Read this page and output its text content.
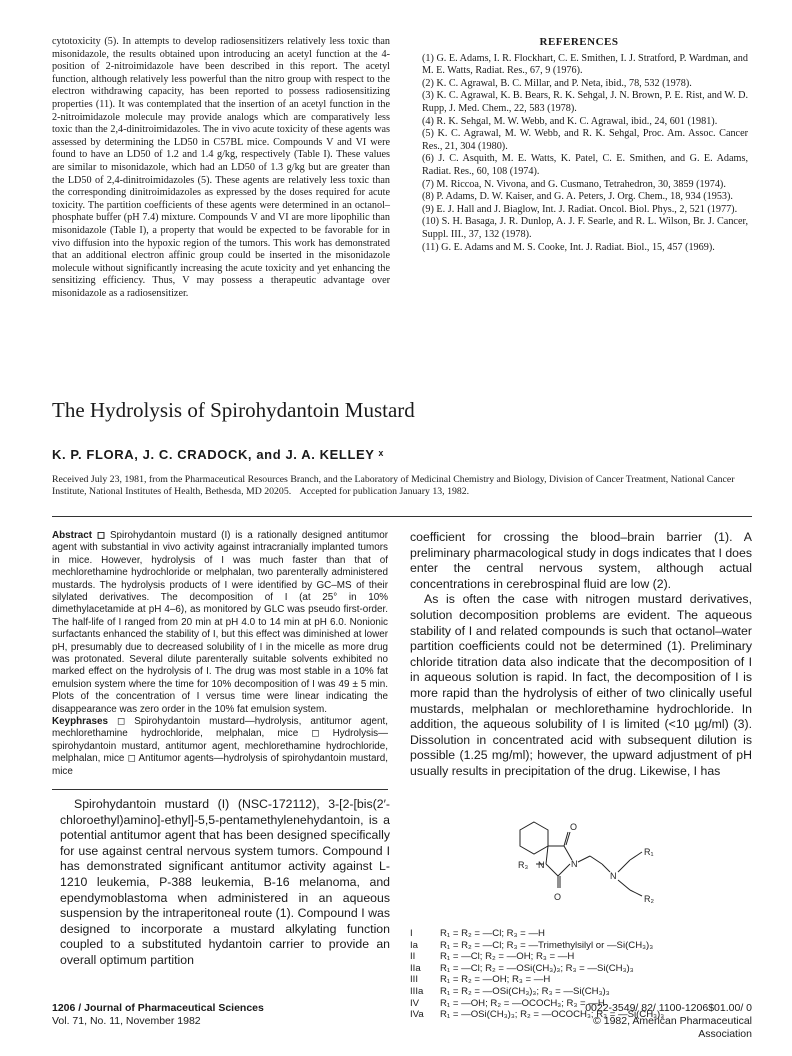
cytotoxicity (5). In attempts to develop radiosensitizers relatively less toxic than misonidazole, the results obtained upon introducing an acetyl function at the 4-position of 2-nitroimidazole have been described in this report. The acetyl function, although relatively less powerful than the nitro group with respect to the electron withdrawing capacity, has been reported to possess radiosensitizing properties (11). It was contemplated that the insertion of an acetyl function in the 2-nitroimidazole molecule may provide analogs which are comparatively less toxic than the 2,4-dinitroimidazoles. The in vivo acute toxicity of these agents was assessed by determining the LD50 in C57BL mice. Compounds V and VI were found to have an LD50 of 1.2 and 1.4 g/kg, respectively (Table I). These values are similar to misonidazole, which had an LD50 of 1.3 g/kg but are greater than the LD50 of 2,4-dinitroimidazoles (5). These agents are relatively less toxic than the corresponding dinitroimidazoles as expressed by the doses required for acute toxicity. The partition coefficients of these agents were determined in an octanol–phosphate buffer (pH 7.4) mixture. Compounds V and VI are more lipophilic than misonidazole (Table I), a property that would be expected to be favorable for in vivo diffusion into the hypoxic region of the tumors. This work has demonstrated that an additional electron affinic group could be inserted in the misonidazole molecule without significantly increasing the acute toxicity and yet enhancing the sensitizing efficiency. Thus, V may possess a therapeutic advantage over misonidazole as a radiosensitizer.
REFERENCES
(1) G. E. Adams, I. R. Flockhart, C. E. Smithen, I. J. Stratford, P. Wardman, and M. E. Watts, Radiat. Res., 67, 9 (1976).
(2) K. C. Agrawal, B. C. Millar, and P. Neta, ibid., 78, 532 (1978).
(3) K. C. Agrawal, K. B. Bears, R. K. Sehgal, J. N. Brown, P. E. Rist, and W. D. Rupp, J. Med. Chem., 22, 583 (1978).
(4) R. K. Sehgal, M. W. Webb, and K. C. Agrawal, ibid., 24, 601 (1981).
(5) K. C. Agrawal, M. W. Webb, and R. K. Sehgal, Proc. Am. Assoc. Cancer Res., 21, 304 (1980).
(6) J. C. Asquith, M. E. Watts, K. Patel, C. E. Smithen, and G. E. Adams, Radiat. Res., 60, 108 (1974).
(7) M. Riccoa, N. Vivona, and G. Cusmano, Tetrahedron, 30, 3859 (1974).
(8) P. Adams, D. W. Kaiser, and G. A. Peters, J. Org. Chem., 18, 934 (1953).
(9) E. J. Hall and J. Biaglow, Int. J. Radiat. Oncol. Biol. Phys., 2, 521 (1977).
(10) S. H. Basaga, J. R. Dunlop, A. J. F. Searle, and R. L. Wilson, Br. J. Cancer, Suppl. III., 37, 132 (1978).
(11) G. E. Adams and M. S. Cooke, Int. J. Radiat. Biol., 15, 457 (1969).
The Hydrolysis of Spirohydantoin Mustard
K. P. FLORA, J. C. CRADOCK, and J. A. KELLEY ˣ
Received July 23, 1981, from the Pharmaceutical Resources Branch, and the Laboratory of Medicinal Chemistry and Biology, Division of Cancer Treatment, National Cancer Institute, National Institutes of Health, Bethesda, MD 20205. Accepted for publication January 13, 1982.
Abstract ◻ Spirohydantoin mustard (I) is a rationally designed antitumor agent with substantial in vivo activity against intracranially implanted tumors in mice. However, hydrolysis of I was much faster than that of mechlorethamine hydrochloride or melphalan, two parenterally administered mustards. The hydrolysis products of I were identified by GC–MS of their silylated derivatives. The decomposition of I (at 25° in 10% dimethylacetamide at pH 4–6), as monitored by GLC was pseudo first-order. The half-life of I ranged from 20 min at pH 4.0 to 14 min at pH 6.0. Nonionic surfactants enhanced the stability of I, but this effect was diminished at lower pH, presumably due to decreased solubility of I in the micelle as more drug was protonated. Several dilute parenterally suitable solvents exhibited no marked effect on the hydrolysis of I. The drug was most stable in a 10% fat emulsion system where the time for 10% decomposition of I was 49 ± 5 min. Plots of the concentration of I versus time were linear indicating the disappearance was zero order in the 10% fat emulsion system.
Keyphrases ◻ Spirohydantoin mustard—hydrolysis, antitumor agent, mechlorethamine hydrochloride, melphalan, mice ◻ Hydrolysis—spirohydantoin mustard, antitumor agent, mechlorethamine hydrochloride, melphalan, mice ◻ Antitumor agents—hydrolysis of spirohydantoin mustard, mice
Spirohydantoin mustard (I) (NSC-172112), 3-[2-[bis(2′-chloroethyl)amino]-ethyl]-5,5-pentamethylenehydantoin, is a potential antitumor agent that has been designed specifically for use against central nervous system tumors. Compound I has demonstrated significant antitumor activity against L-1210 leukemia, P-388 leukemia, B-16 melanoma, and ependymoblastoma when administered in an aqueous suspension by the intraperitoneal route (1). Compound I was designed to incorporate a mustard alkylating function coupled to a substituted hydantoin carrier to provide an overall optimum partition
coefficient for crossing the blood–brain barrier (1). A preliminary pharmacological study in dogs indicates that I does enter the central nervous system, although actual concentrations in cerebrospinal fluid are low (2).
As is often the case with nitrogen mustard derivatives, solution decomposition problems are evident. The aqueous stability of I and related compounds is such that octanol–water partition coefficients could not be determined (1). Preliminary chloride titration data also indicate that the decomposition of I in aqueous solution is rapid. In fact, the decomposition of I is more rapid than the hydrolysis of either of two clinically useful mustards, melphalan or mechlorethamine hydrochloride. In addition, the aqueous solubility of I is limited (<10 µg/ml) (3). Dissolution in concentrated acid with subsequent dilution is possible (1.25 mg/ml); however, the upward adjustment of pH usually results in precipitation of the drug. Likewise, I has
O
O
N	N
N
R₃
R₁
R₂
I	R₁ = R₂ = —Cl; R₃ = —H
Ia R₁ = R₂ = —Cl; R₃ = —Trimethylsilyl or —Si(CH₃)₃
II	R₁ = —Cl; R₂ = —OH; R₃ = —H
IIa R₁ = —Cl; R₂ = —OSi(CH₃)₃; R₃ = —Si(CH₃)₃
III R₁ = R₂ = —OH; R₃ = —H
IIIa R₁ = R₂ = —OSi(CH₃)₃; R₃ = —Si(CH₃)₃
IV R₁ = —OH; R₂ = —OCOCH₃; R₃ = —H
IVa R₁ = —OSi(CH₃)₃; R₂ = —OCOCH₃; R₃ = —Si(CH₃)₃
1206 / Journal of Pharmaceutical Sciences
Vol. 71, No. 11, November 1982
0022-3549/ 82/ 1100-1206$01.00/ 0
© 1982, American Pharmaceutical Association
